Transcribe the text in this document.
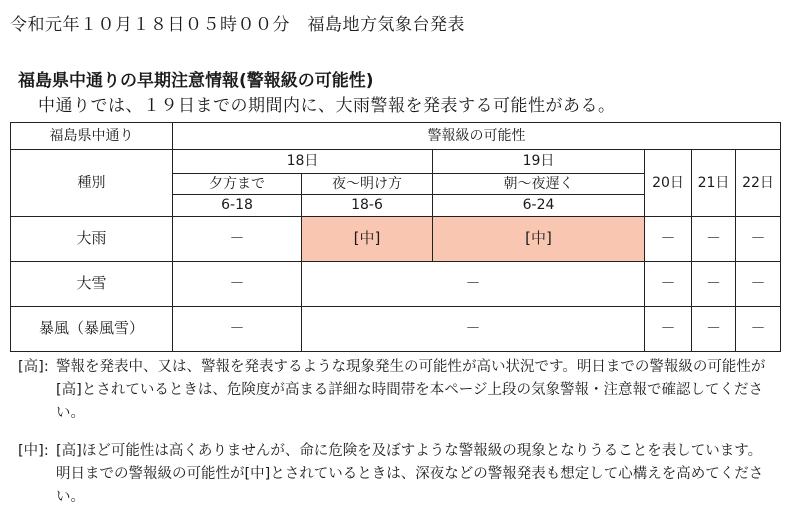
令和元年１０月１８日０５時００分　福島地方気象台発表
福島県中通りの早期注意情報(警報級の可能性)
中通りでは、１９日までの期間内に、大雨警報を発表する可能性がある。
福島県中通り	警報級の可能性					
種別	18日		19日	20日	21日	22日
	夕方まで	夜～明け方	朝～夜遅く			
	6-18	18-6	6-24			
大雨	－	[中]	[中]	－	－	－
大雪	－	－		－	－	－
暴風（暴風雪）	－	－		－	－	－
[高]: 警報を発表中、又は、警報を発表するような現象発生の可能性が高い状況です。明日までの警報級の可能性が[高]とされているときは、危険度が高まる詳細な時間帯を本ページ上段の気象警報・注意報で確認してください。
[中]: [高]ほど可能性は高くありませんが、命に危険を及ぼすような警報級の現象となりうることを表しています。明日までの警報級の可能性が[中]とされているときは、深夜などの警報発表も想定して心構えを高めてください。
